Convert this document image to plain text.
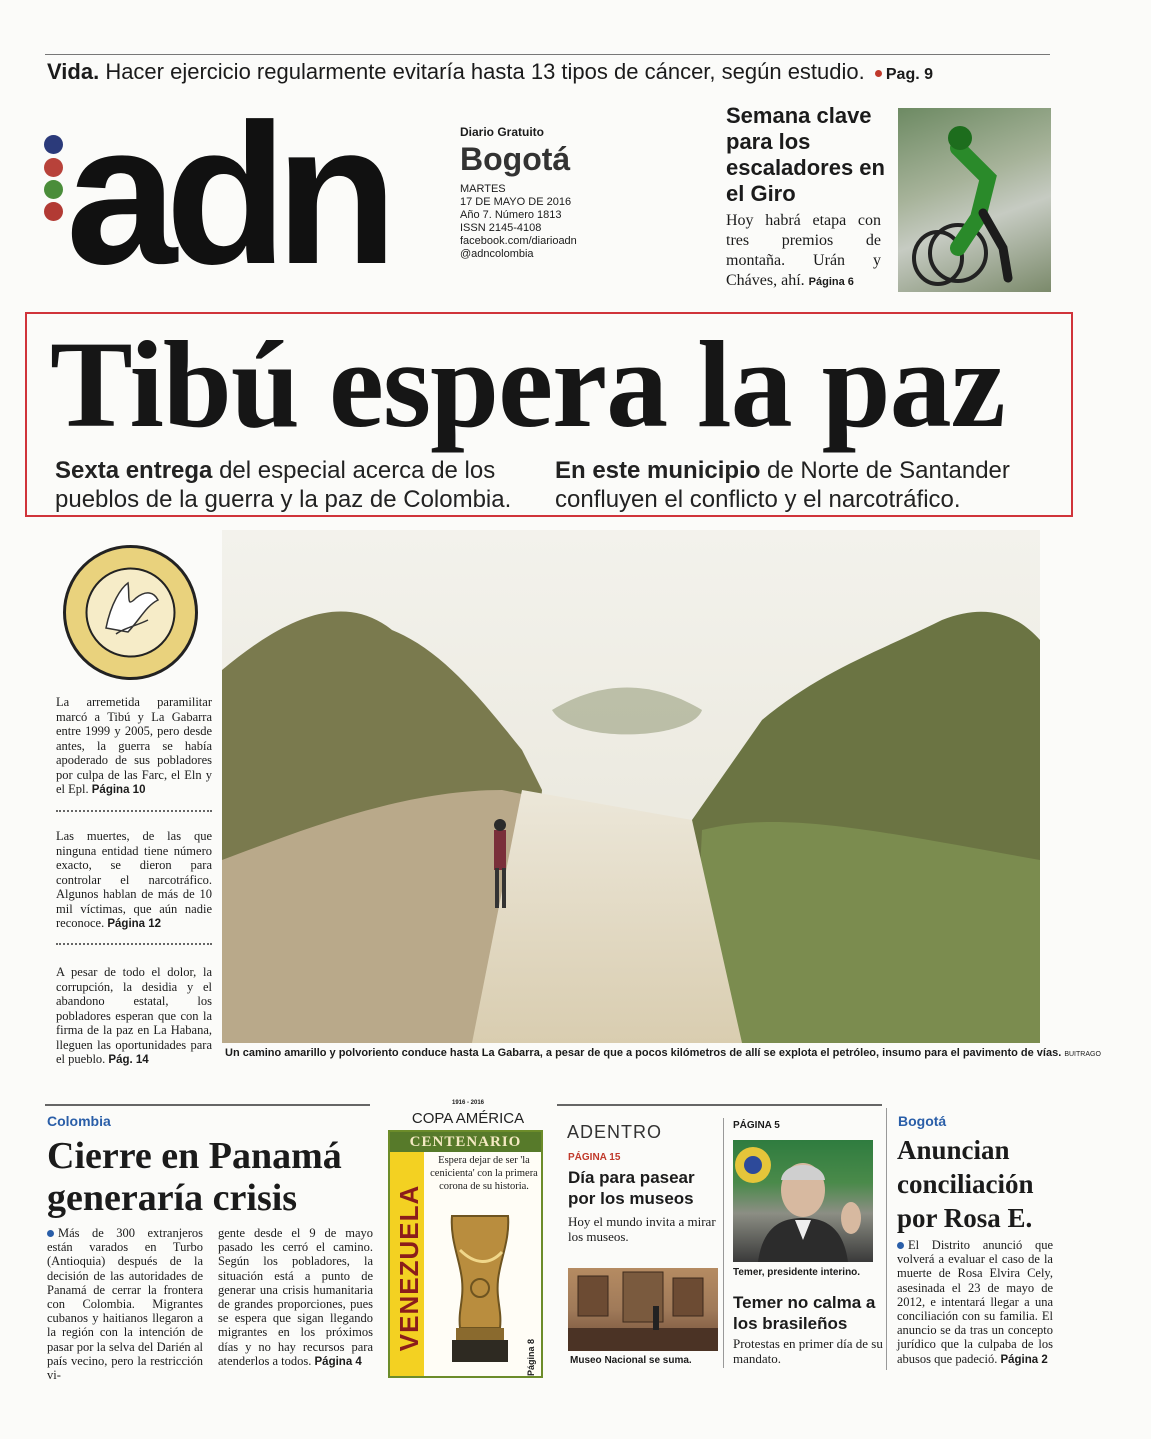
Vida. Hacer ejercicio regularmente evitaría hasta 13 tipos de cáncer, según estudio. Pag. 9
adn	Diario Gratuito
Bogotá
MARTES
17 DE MAYO DE 2016
Año 7. Número 1813
ISSN 2145-4108
facebook.com/diarioadn
@adncolombia
Semana clave para los escaladores en el Giro
Hoy habrá etapa con tres premios de montaña. Urán y Cháves, ahí. Página 6
Tibú espera la paz
Sexta entrega del especial acerca de los pueblos de la guerra y la paz de Colombia.
En este municipio de Norte de Santander confluyen el conflicto y el narcotráfico.
La arremetida paramilitar marcó a Tibú y La Gabarra entre 1999 y 2005, pero desde antes, la guerra se había apoderado de sus pobladores por culpa de las Farc, el Eln y el Epl. Página 10
Las muertes, de las que ninguna entidad tiene número exacto, se dieron para controlar el narcotráfico. Algunos hablan de más de 10 mil víctimas, que aún nadie reconoce. Página 12
A pesar de todo el dolor, la corrupción, la desidia y el abandono estatal, los pobladores esperan que con la firma de la paz en La Habana, lleguen las oportunidades para el pueblo. Pág. 14
Un camino amarillo y polvoriento conduce hasta La Gabarra, a pesar de que a pocos kilómetros de allí se explota el petróleo, insumo para el pavimento de vías. BUITRAGO
Colombia
Cierre en Panamá generaría crisis
Más de 300 extranjeros están varados en Turbo (Antioquia) después de la decisión de las autoridades de Panamá de cerrar la frontera con Colombia. Migrantes cubanos y haitianos llegaron a la región con la intención de pasar por la selva del Darién al país vecino, pero la restricción vi-
gente desde el 9 de mayo pasado les cerró el camino. Según los pobladores, la situación está a punto de generar una crisis humanitaria de grandes proporciones, pues se espera que sigan llegando migrantes en los próximos días y no hay recursos para atenderlos a todos. Página 4
1916 - 2016
COPA AMÉRICA
CENTENARIO
VENEZUELA
Espera dejar de ser 'la cenicienta' con la primera corona de su historia.
Página 8
ADENTRO
PÁGINA 15
Día para pasear por los museos
Hoy el mundo invita a mirar los museos.
Museo Nacional se suma.
PÁGINA 5
Temer, presidente interino.
Temer no calma a los brasileños
Protestas en primer día de su mandato.
Bogotá
Anuncian conciliación por Rosa E.
El Distrito anunció que volverá a evaluar el caso de la muerte de Rosa Elvira Cely, asesinada el 23 de mayo de 2012, e intentará llegar a una conciliación con su familia. El anuncio se da tras un concepto jurídico que la culpaba de los abusos que padeció. Página 2
